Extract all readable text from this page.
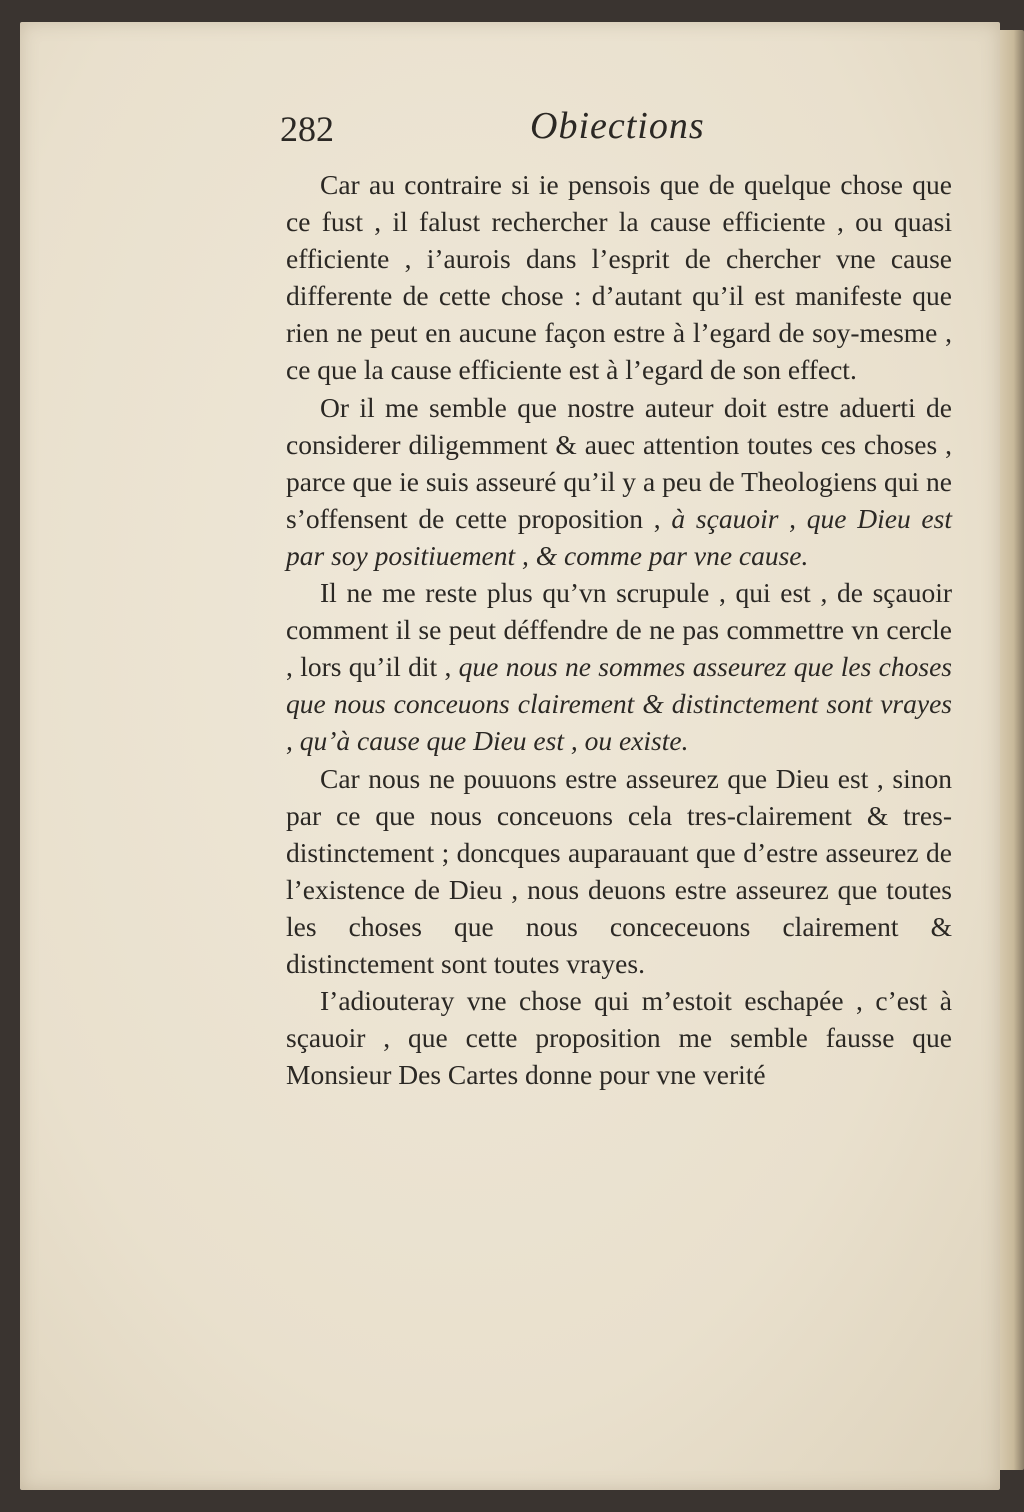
282	Obiections

Car au contraire si ie pensois que de quelque chose que ce fust , il falust rechercher la cause efficiente , ou quasi efficiente , i’aurois dans l’esprit de chercher vne cause differente de cette chose : d’autant qu’il est manifeste que rien ne peut en aucune façon estre à l’egard de soy-mesme , ce que la cause efficiente est à l’egard de son effect.

Or il me semble que nostre auteur doit estre aduerti de considerer diligemment & auec attention toutes ces choses , parce que ie suis asseuré qu’il y a peu de Theologiens qui ne s’offensent de cette proposition , à sçauoir , que Dieu est par soy positiuement , & comme par vne cause.

Il ne me reste plus qu’vn scrupule , qui est , de sçauoir comment il se peut déffendre de ne pas commettre vn cercle , lors qu’il dit , que nous ne sommes asseurez que les choses que nous conceuons clairement & distinctement sont vrayes , qu’à cause que Dieu est , ou existe.

Car nous ne pouuons estre asseurez que Dieu est , sinon par ce que nous conceuons cela tres-clairement & tres-distinctement ; doncques auparauant que d’estre asseurez de l’existence de Dieu , nous deuons estre asseurez que toutes les choses que nous conceceuons clairement & distinctement sont toutes vrayes.

I’adiouteray vne chose qui m’estoit eschapée , c’est à sçauoir , que cette proposition me semble fausse que Monsieur Des Cartes donne pour vne verité
